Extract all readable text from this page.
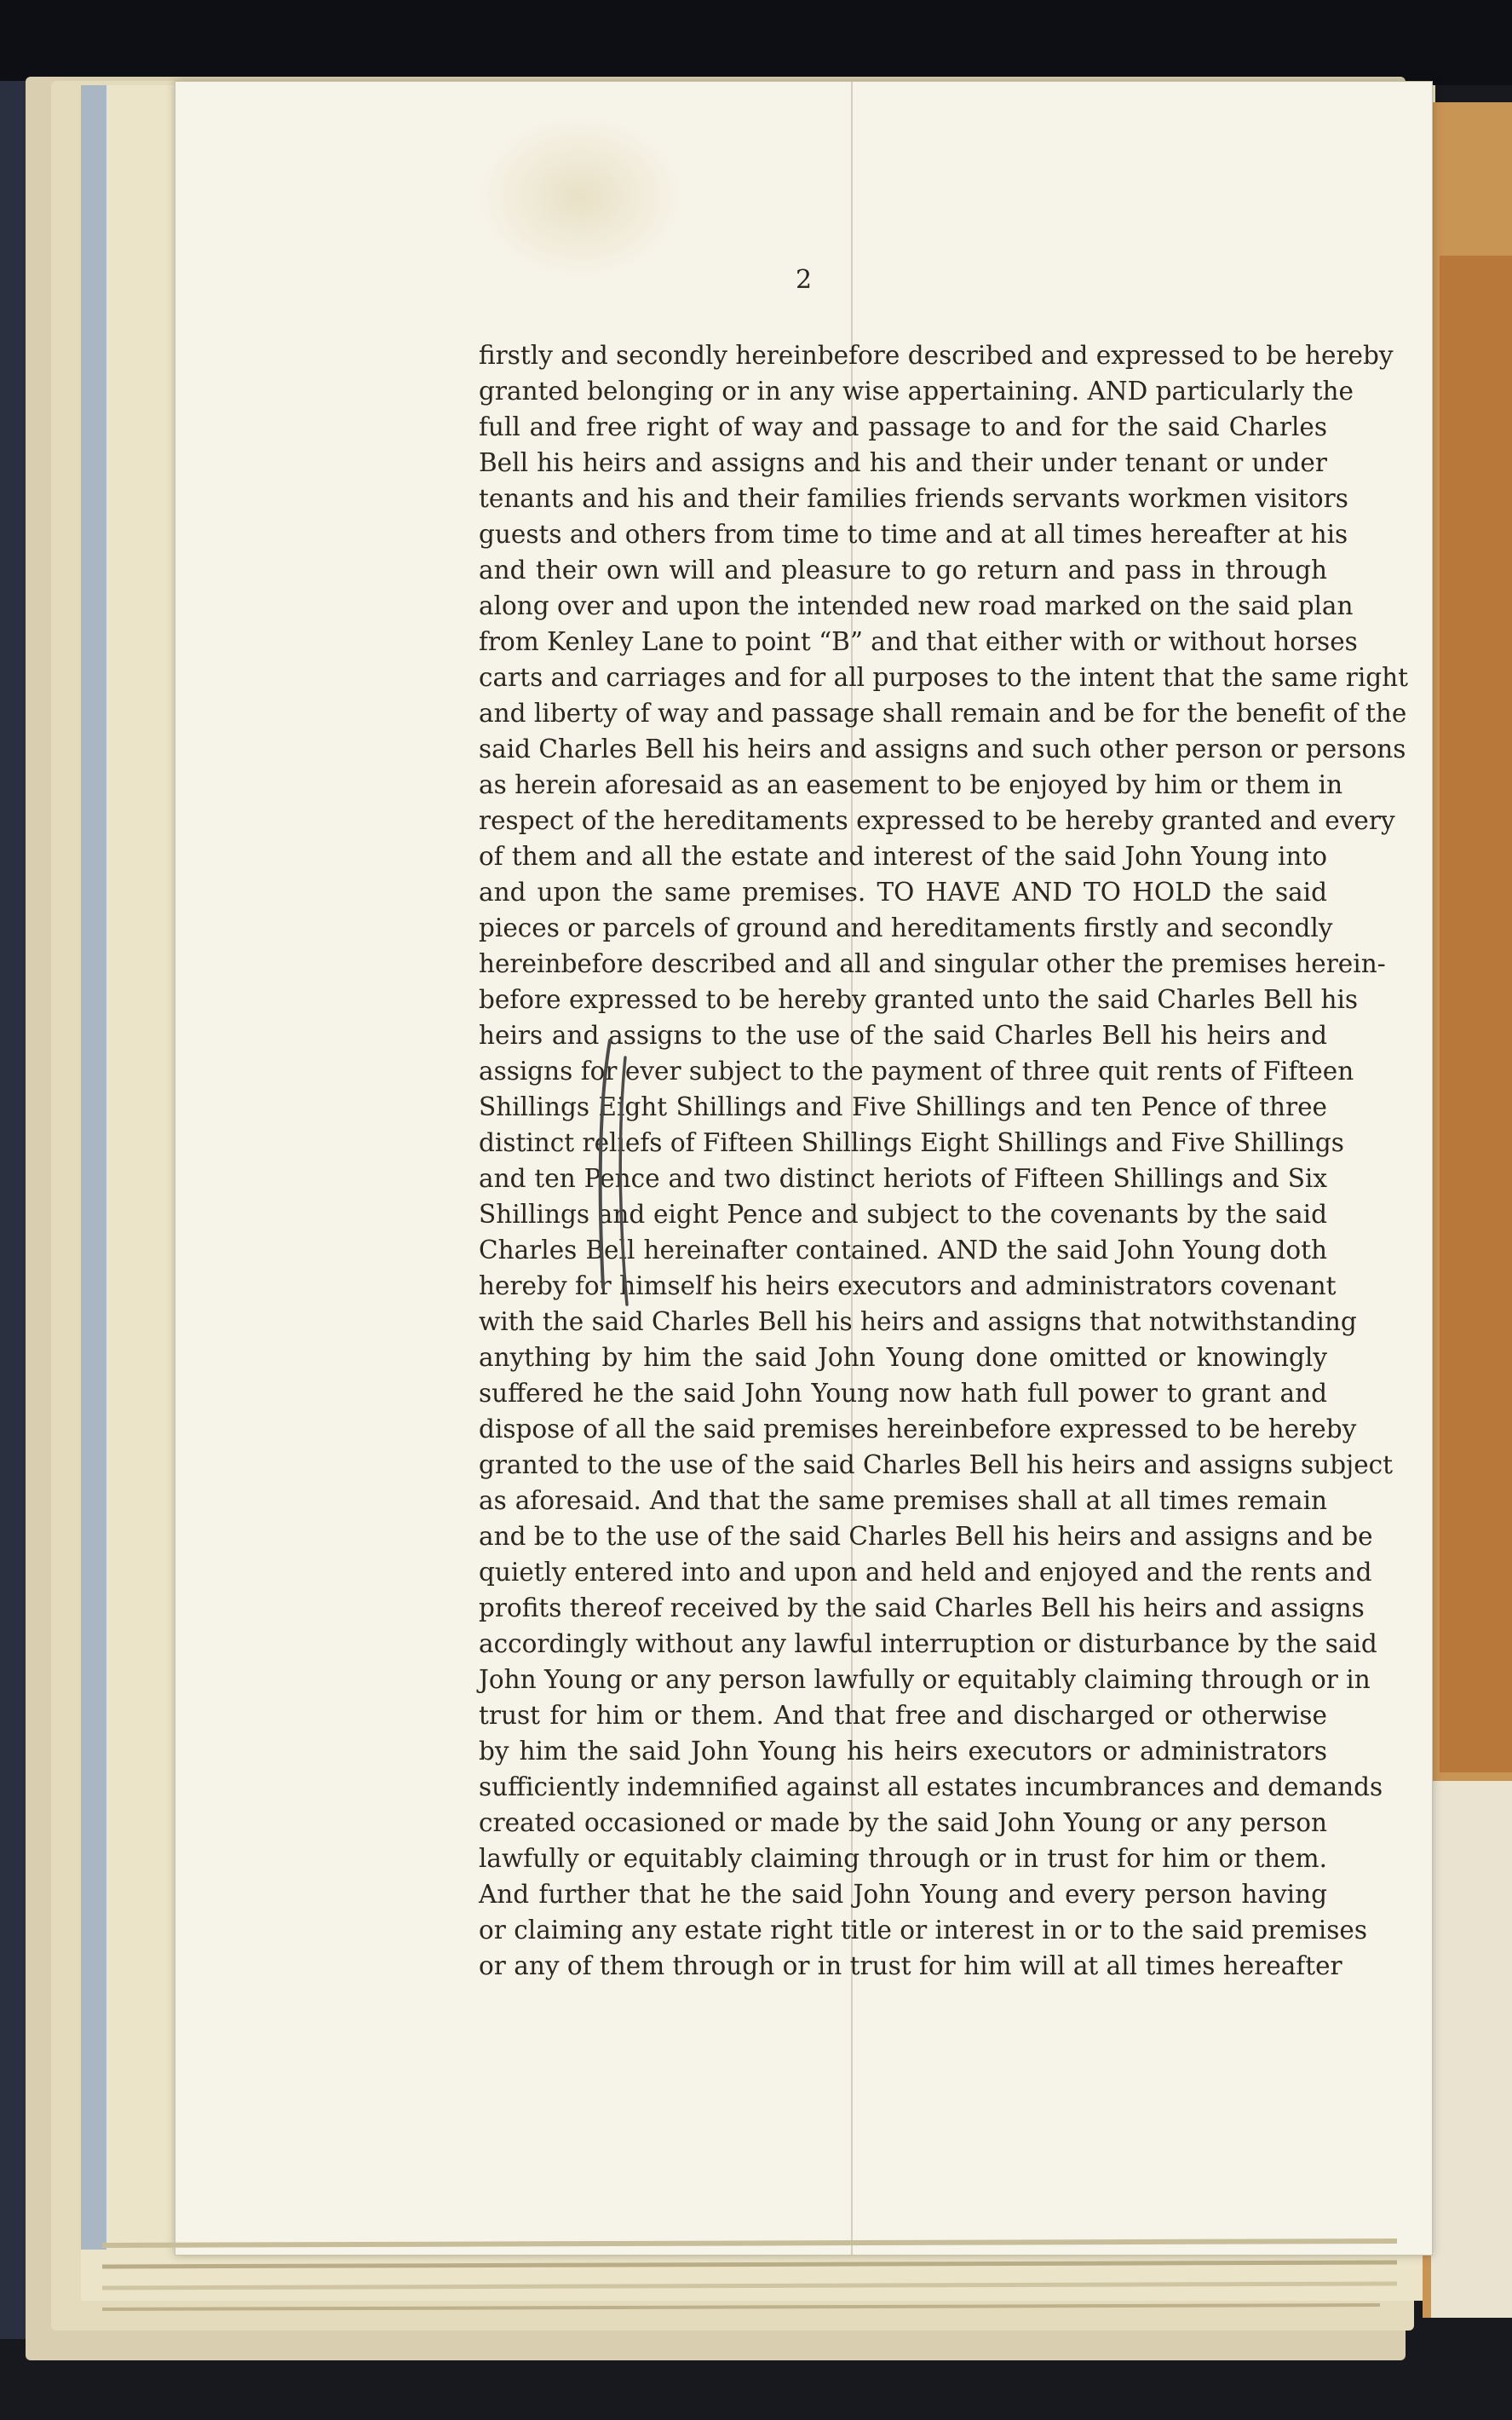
2
firstly and secondly hereinbefore described and expressed to be hereby
granted belonging or in any wise appertaining. AND particularly the
full and free right of way and passage to and for the said Charles
Bell his heirs and assigns and his and their under tenant or under
tenants and his and their families friends servants workmen visitors
guests and others from time to time and at all times hereafter at his
and their own will and pleasure to go return and pass in through
along over and upon the intended new road marked on the said plan
from Kenley Lane to point “B” and that either with or without horses
carts and carriages and for all purposes to the intent that the same right
and liberty of way and passage shall remain and be for the benefit of the
said Charles Bell his heirs and assigns and such other person or persons
as herein aforesaid as an easement to be enjoyed by him or them in
respect of the hereditaments expressed to be hereby granted and every
of them and all the estate and interest of the said John Young into
and upon the same premises. TO HAVE AND TO HOLD the said
pieces or parcels of ground and hereditaments firstly and secondly
hereinbefore described and all and singular other the premises herein-
before expressed to be hereby granted unto the said Charles Bell his
heirs and assigns to the use of the said Charles Bell his heirs and
assigns for ever subject to the payment of three quit rents of Fifteen
Shillings Eight Shillings and Five Shillings and ten Pence of three
distinct reliefs of Fifteen Shillings Eight Shillings and Five Shillings
and ten Pence and two distinct heriots of Fifteen Shillings and Six
Shillings and eight Pence and subject to the covenants by the said
Charles Bell hereinafter contained. AND the said John Young doth
hereby for himself his heirs executors and administrators covenant
with the said Charles Bell his heirs and assigns that notwithstanding
anything by him the said John Young done omitted or knowingly
suffered he the said John Young now hath full power to grant and
dispose of all the said premises hereinbefore expressed to be hereby
granted to the use of the said Charles Bell his heirs and assigns subject
as aforesaid. And that the same premises shall at all times remain
and be to the use of the said Charles Bell his heirs and assigns and be
quietly entered into and upon and held and enjoyed and the rents and
profits thereof received by the said Charles Bell his heirs and assigns
accordingly without any lawful interruption or disturbance by the said
John Young or any person lawfully or equitably claiming through or in
trust for him or them. And that free and discharged or otherwise
by him the said John Young his heirs executors or administrators
sufficiently indemnified against all estates incumbrances and demands
created occasioned or made by the said John Young or any person
lawfully or equitably claiming through or in trust for him or them.
And further that he the said John Young and every person having
or claiming any estate right title or interest in or to the said premises
or any of them through or in trust for him will at all times hereafter
